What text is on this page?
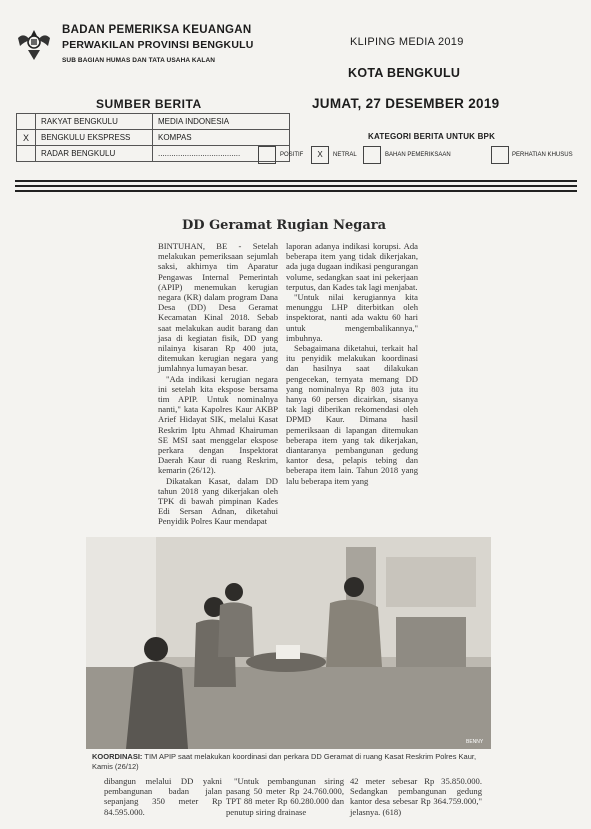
BADAN PEMERIKSA KEUANGAN
PERWAKILAN PROVINSI BENGKULU
SUB BAGIAN HUMAS DAN TATA USAHA KALAN
KLIPING MEDIA 2019
KOTA BENGKULU
JUMAT, 27 DESEMBER 2019
SUMBER BERITA
	RAKYAT BENGKULU	MEDIA INDONESIA
X	BENGKULU EKSPRESS	KOMPAS
	RADAR BENGKULU	.....................................
KATEGORI BERITA UNTUK BPK
POSITIF	X	NETRAL	BAHAN PEMERIKSAAN	PERHATIAN KHUSUS
DD Geramat Rugian Negara

BINTUHAN, BE - Setelah melakukan pemeriksaan sejumlah saksi, akhirnya tim Aparatur Pengawas Internal Pemerintah (APIP) menemukan kerugian negara (KR) dalam program Dana Desa (DD) Desa Geramat Kecamatan Kinal 2018. Sebab saat melakukan audit barang dan jasa di kegiatan fisik, DD yang nilainya kisaran Rp 400 juta, ditemukan kerugian negara yang jumlahnya lumayan besar.

"Ada indikasi kerugian negara ini setelah kita ekspose bersama tim APIP. Untuk nominalnya nanti," kata Kapolres Kaur AKBP Arief Hidayat SIK, melalui Kasat Reskrim Iptu Ahmad Khairuman SE MSI saat menggelar ekspose perkara dengan Inspektorat Daerah Kaur di ruang Reskrim, kemarin (26/12).

Dikatakan Kasat, dalam DD tahun 2018 yang dikerjakan oleh TPK di bawah pimpinan Kades Edi Sersan Adnan, diketahui Penyidik Polres Kaur mendapat

laporan adanya indikasi korupsi. Ada beberapa item yang tidak dikerjakan, ada juga dugaan indikasi pengurangan volume, sedangkan saat ini pekerjaan terputus, dan Kades tak lagi menjabat.

"Untuk nilai kerugiannya kita menunggu LHP diterbitkan oleh inspektorat, nanti ada waktu 60 hari untuk mengembalikannya," imbuhnya.

Sebagaimana diketahui, terkait hal itu penyidik melakukan koordinasi dan hasilnya saat dilakukan pengecekan, ternyata memang DD yang nominalnya Rp 803 juta itu hanya 60 persen dicairkan, sisanya tak lagi diberikan rekomendasi oleh DPMD Kaur. Dimana hasil pemeriksaan di lapangan ditemukan beberapa item yang tak dikerjakan, diantaranya pembangunan gedung kantor desa, pelapis tebing dan beberapa item lain. Tahun 2018 yang lalu beberapa item yang

BENNY
KOORDINASI: TIM APIP saat melakukan koordinasi dan perkara DD Geramat di ruang Kasat Reskrim Polres Kaur, Kamis (26/12)

dibangun melalui DD yakni pembangunan badan jalan sepanjang 350 meter Rp 84.595.000.

"Untuk pembangunan siring pasang 50 meter Rp 24.760.000, TPT 88 meter Rp 60.280.000 dan penutup siring drainase

42 meter sebesar Rp 35.850.000. Sedangkan pembangunan gedung kantor desa sebesar Rp 364.759.000," jelasnya. (618)
